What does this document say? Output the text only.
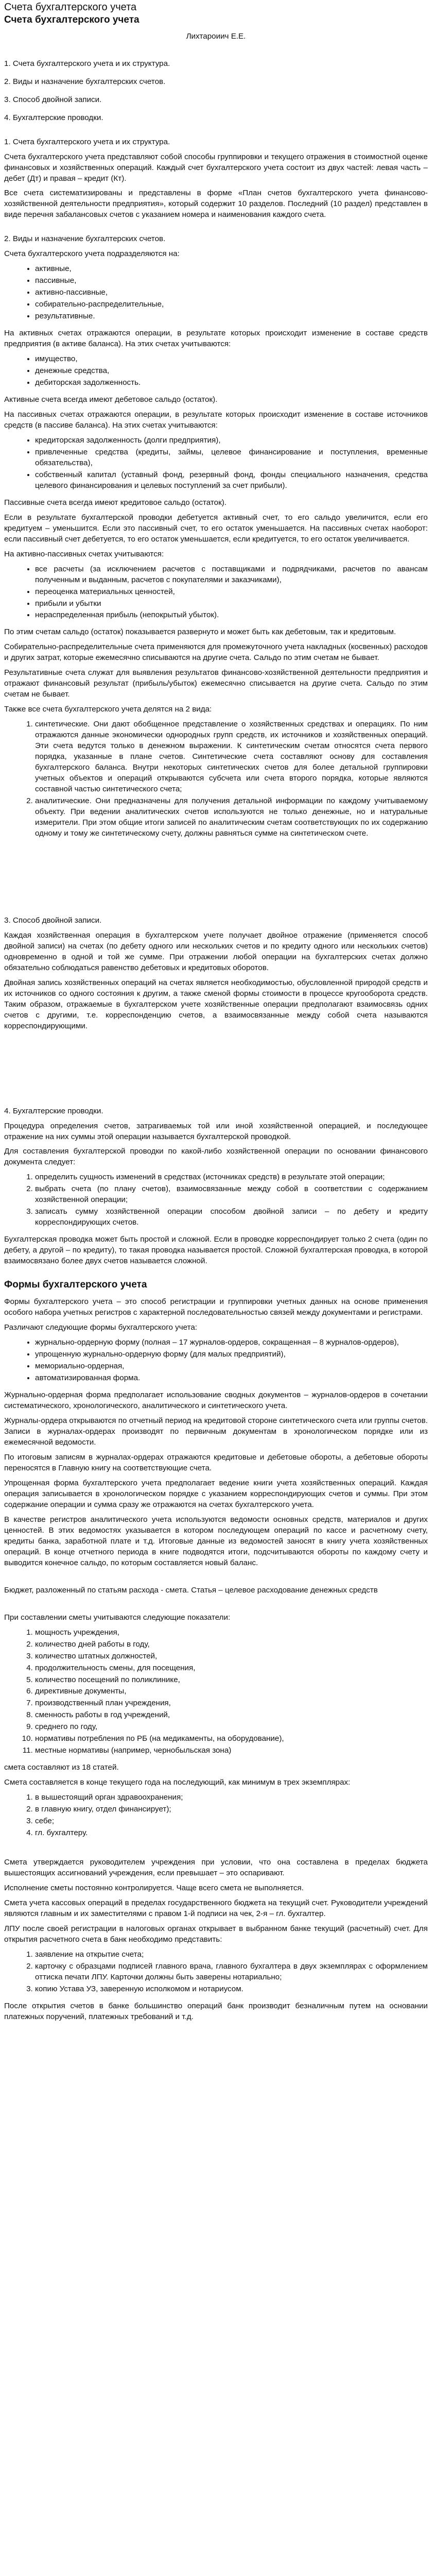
Счета бухгалтерского учета
Счета бухгалтерского учета
Лихтароиич Е.Е.

1. Счета бухгалтерского учета и их структура.

2. Виды и назначение бухгалтерских счетов.

3. Способ двойной записи.

4. Бухгалтерские проводки.

1. Счета бухгалтерского учета и их структура.

Счета бухгалтерского учета представляют собой способы группировки и текущего отражения в стоимостной оценке финансовых и хозяйственных операций. Каждый счет бухгалтерского учета состоит из двух частей: левая часть – дебет (Дт) и правая – кредит (Кт).

Все счета систематизированы и представлены в форме «План счетов бухгалтерского учета финансово-хозяйственной деятельности предприятия», который содержит 10 разделов. Последний (10 раздел) представлен в виде перечня забалансовых счетов с указанием номера и наименования каждого счета.

2. Виды и назначение бухгалтерских счетов.

Счета бухгалтерского учета подразделяются на:

• активные,
• пассивные,
• активно-пассивные,
• собирательно-распределительные,
• результативные.

На активных счетах отражаются операции, в результате которых происходит изменение в составе средств предприятия (в активе баланса). На этих счетах учитываются:

• имущество,
• денежные средства,
• дебиторская задолженность.

Активные счета всегда имеют дебетовое сальдо (остаток).

На пассивных счетах отражаются операции, в результате которых происходит изменение в составе источников средств (в пассиве баланса). На этих счетах учитываются:

• кредиторская задолженность (долги предприятия),
• привлеченные средства (кредиты, займы, целевое финансирование и поступления, временные обязательства),
• собственный капитал (уставный фонд, резервный фонд, фонды специального назначения, средства целевого финансирования и целевых поступлений за счет прибыли).

Пассивные счета всегда имеют кредитовое сальдо (остаток).

Если в результате бухгалтерской проводки дебетуется активный счет, то его сальдо увеличится, если его кредитуем – уменьшится. Если это пассивный счет, то его остаток уменьшается. На пассивных счетах наоборот: если пассивный счет дебетуется, то его остаток уменьшается, если кредитуется, то его остаток увеличивается.

На активно-пассивных счетах учитываются:

• все расчеты (за исключением расчетов с поставщиками и подрядчиками, расчетов по авансам полученным и выданным, расчетов с покупателями и заказчиками),
• переоценка материальных ценностей,
• прибыли и убытки
• нераспределенная прибыль (непокрытый убыток).

По этим счетам сальдо (остаток) показывается развернуто и может быть как дебетовым, так и кредитовым.

Собирательно-распределительные счета применяются для промежуточного учета накладных (косвенных) расходов и других затрат, которые ежемесячно списываются на другие счета. Сальдо по этим счетам не бывает.

Результативные счета служат для выявления результатов финансово-хозяйственной деятельности предприятия и отражают финансовый результат (прибыль/убыток) ежемесячно списывается на другие счета. Сальдо по этим счетам не бывает.

Также все счета бухгалтерского учета делятся на 2 вида:

1. синтетические. Они дают обобщенное представление о хозяйственных средствах и операциях. По ним отражаются данные экономически однородных групп средств, их источников и хозяйственных операций. Эти счета ведутся только в денежном выражении. К синтетическим счетам относятся счета первого порядка, указанные в плане счетов. Синтетические счета составляют основу для составления бухгалтерского баланса. Внутри некоторых синтетических счетов для более детальной группировки учетных объектов и операций открываются субсчета или счета второго порядка, которые являются составной частью синтетического счета;
2. аналитические. Они предназначены для получения детальной информации по каждому учитываемому объекту. При ведении аналитических счетов используются не только денежные, но и натуральные измерители. При этом общие итоги записей по аналитическим счетам соответствующих по их содержанию одному и тому же синтетическому счету, должны равняться сумме на синтетическом счете.

3. Способ двойной записи.

Каждая хозяйственная операция в бухгалтерском учете получает двойное отражение (применяется способ двойной записи) на счетах (по дебету одного или нескольких счетов и по кредиту одного или нескольких счетов) одновременно в одной и той же сумме. При отражении любой операции на бухгалтерских счетах должно обязательно соблюдаться равенство дебетовых и кредитовых оборотов.

Двойная запись хозяйственных операций на счетах является необходимостью, обусловленной природой средств и их источников со одного состояния к другим, а также сменой формы стоимости в процессе кругооборота средств. Таким образом, отражаемые в бухгалтерском учете хозяйственные операции предполагают взаимосвязь одних счетов с другими, т.е. корреспонденцию счетов, а взаимосвязанные между собой счета называются корреспондирующими.

4. Бухгалтерские проводки.

Процедура определения счетов, затрагиваемых той или иной хозяйственной операцией, и последующее отражение на них суммы этой операции называется бухгалтерской проводкой.

Для составления бухгалтерской проводки по какой-либо хозяйственной операции по основании финансового документа следует:

1. определить сущность изменений в средствах (источниках средств) в результате этой операции;
2. выбрать счета (по плану счетов), взаимосвязанные между собой в соответствии с содержанием хозяйственной операции;
3. записать сумму хозяйственной операции способом двойной записи – по дебету и кредиту корреспондирующих счетов.

Бухгалтерская проводка может быть простой и сложной. Если в проводке корреспондирует только 2 счета (один по дебету, а другой – по кредиту), то такая проводка называется простой. Сложной бухгалтерская проводка, в которой взаимосвязано более двух счетов называется сложной.

Формы бухгалтерского учета

Формы бухгалтерского учета – это способ регистрации и группировки учетных данных на основе применения особого набора учетных регистров с характерной последовательностью связей между документами и регистрами.

Различают следующие формы бухгалтерского учета:

• журнально-ордерную форму (полная – 17 журналов-ордеров, сокращенная – 8 журналов-ордеров),
• упрощенную журнально-ордерную форму (для малых предприятий),
• мемориально-ордерная,
• автоматизированная форма.

Журнально-ордерная форма предполагает использование сводных документов – журналов-ордеров в сочетании систематического, хронологического, аналитического и синтетического учета.

Журналы-ордера открываются по отчетный период на кредитовой стороне синтетического счета или группы счетов. Записи в журналах-ордерах производят по первичным документам в хронологическом порядке или из ежемесячной ведомости.

По итоговым записям в журналах-ордерах отражаются кредитовые и дебетовые обороты, а дебетовые обороты переносятся в Главную книгу на соответствующие счета.

Упрощенная форма бухгалтерского учета предполагает ведение книги учета хозяйственных операций. Каждая операция записывается в хронологическом порядке с указанием корреспондирующих счетов и суммы. При этом содержание операции и сумма сразу же отражаются на счетах бухгалтерского учета.

В качестве регистров аналитического учета используются ведомости основных средств, материалов и других ценностей. В этих ведомостях указывается в котором последующем операций по кассе и расчетному счету, кредиты банка, заработной плате и т.д. Итоговые данные из ведомостей заносят в книгу учета хозяйственных операций. В конце отчетного периода в книге подводятся итоги, подсчитываются обороты по каждому счету и выводится конечное сальдо, по которым составляется новый баланс.

Бюджет, разложенный по статьям расхода - смета. Статья – целевое расходование денежных средств

При составлении сметы учитываются следующие показатели:

1. мощность учреждения,
2. количество дней работы в году,
3. количество штатных должностей,
4. продолжительность смены, для посещения,
5. количество посещений по поликлинике,
6. директивные документы,
7. производственный план учреждения,
8. сменность работы в год учреждений,
9. среднего по году,
10. нормативы потребления по РБ (на медикаменты, на оборудование),
11. местные нормативы (например, чернобыльская зона)

смета составляют из 18 статей.

Смета составляется в конце текущего года на последующий, как минимум в трех экземплярах:

1. в вышестоящий орган здравоохранения;
2. в главную книгу, отдел финансирует);
3. себе;
4. гл. бухгалтеру.

Смета утверждается руководителем учреждения при условии, что она составлена в пределах бюджета вышестоящих ассигнований учреждения, если превышает – это оспаривают.

Исполнение сметы постоянно контролируется. Чаще всего смета не выполняется.

Смета учета кассовых операций в пределах государственного бюджета на текущий счет. Руководители учреждений являются главным и их заместителями с правом 1-й подписи на чек, 2-я – гл. бухгалтер.

ЛПУ после своей регистрации в налоговых органах открывает в выбранном банке текущий (расчетный) счет. Для открытия расчетного счета в банк необходимо представить:

1. заявление на открытие счета;
2. карточку с образцами подписей главного врача, главного бухгалтера в двух экземплярах с оформлением оттиска печати ЛПУ. Карточки должны быть заверены нотариально;
3. копию Устава УЗ, заверенную исполкомом и нотариусом.

После открытия счетов в банке большинство операций банк производит безналичным путем на основании платежных поручений, платежных требований и т.д.
